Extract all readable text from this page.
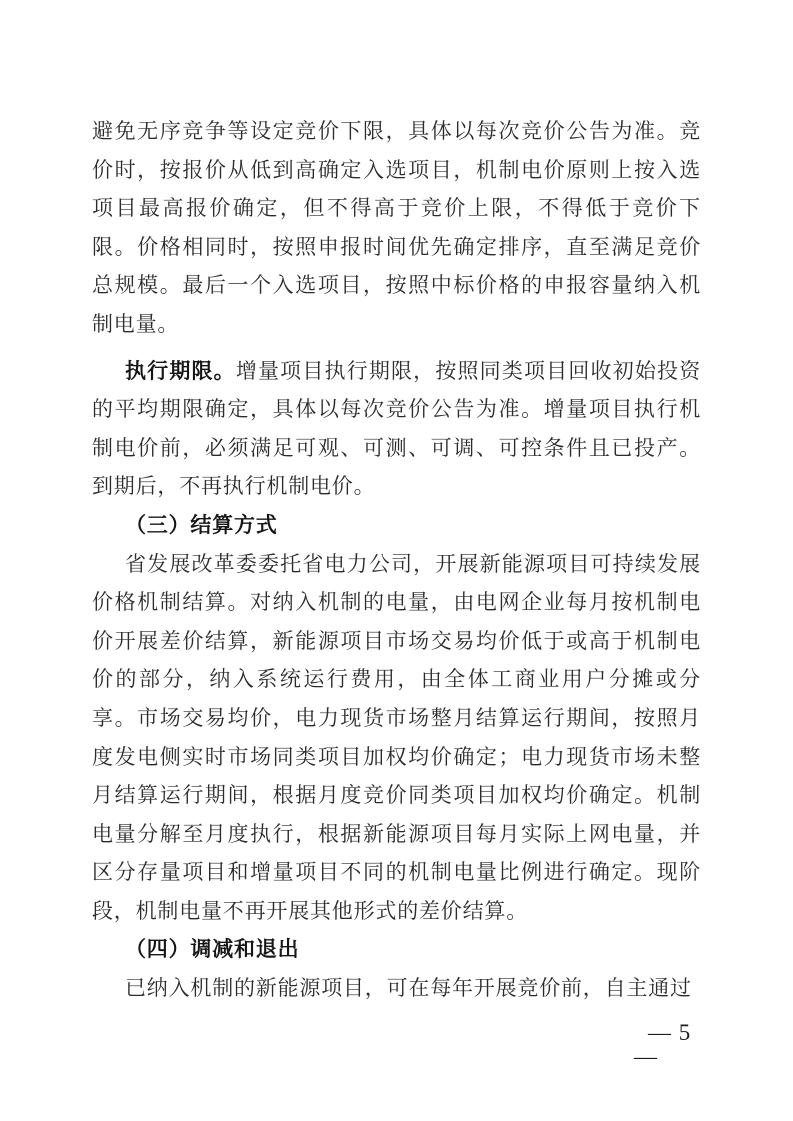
避免无序竞争等设定竞价下限，具体以每次竞价公告为准。竞价时，按报价从低到高确定入选项目，机制电价原则上按入选项目最高报价确定，但不得高于竞价上限，不得低于竞价下限。价格相同时，按照申报时间优先确定排序，直至满足竞价总规模。最后一个入选项目，按照中标价格的申报容量纳入机制电量。

执行期限。增量项目执行期限，按照同类项目回收初始投资的平均期限确定，具体以每次竞价公告为准。增量项目执行机制电价前，必须满足可观、可测、可调、可控条件且已投产。到期后，不再执行机制电价。

（三）结算方式

省发展改革委委托省电力公司，开展新能源项目可持续发展价格机制结算。对纳入机制的电量，由电网企业每月按机制电价开展差价结算，新能源项目市场交易均价低于或高于机制电价的部分，纳入系统运行费用，由全体工商业用户分摊或分享。市场交易均价，电力现货市场整月结算运行期间，按照月度发电侧实时市场同类项目加权均价确定；电力现货市场未整月结算运行期间，根据月度竞价同类项目加权均价确定。机制电量分解至月度执行，根据新能源项目每月实际上网电量，并区分存量项目和增量项目不同的机制电量比例进行确定。现阶段，机制电量不再开展其他形式的差价结算。

（四）调减和退出

已纳入机制的新能源项目，可在每年开展竞价前，自主通过

— 5
—
